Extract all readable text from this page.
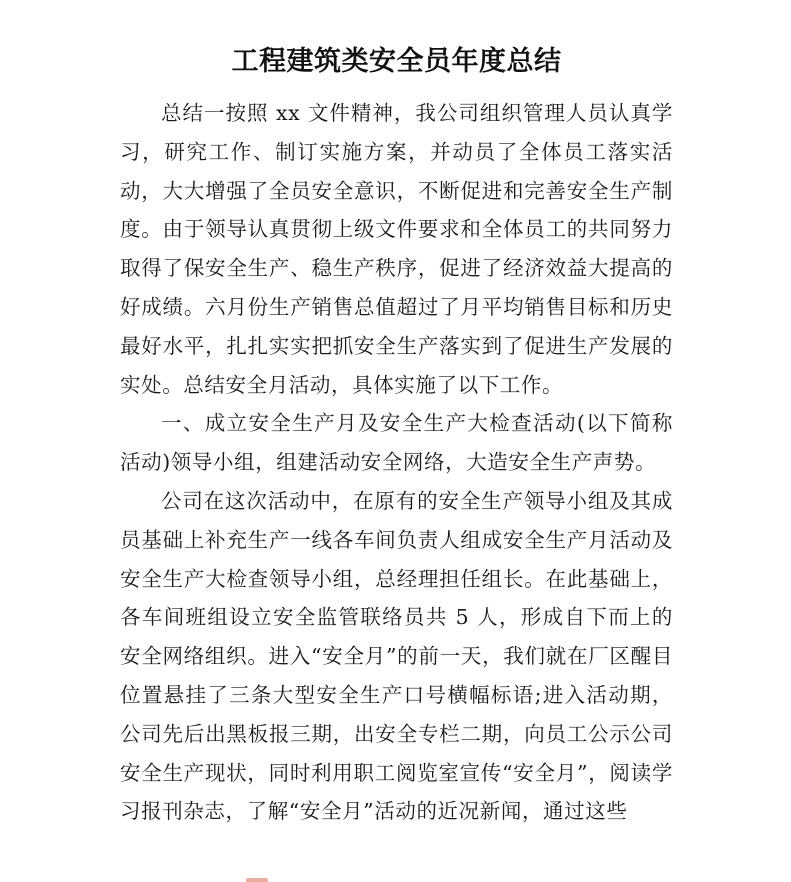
工程建筑类安全员年度总结

总结一按照 xx 文件精神，我公司组织管理人员认真学习，研究工作、制订实施方案，并动员了全体员工落实活动，大大增强了全员安全意识，不断促进和完善安全生产制度。由于领导认真贯彻上级文件要求和全体员工的共同努力取得了保安全生产、稳生产秩序，促进了经济效益大提高的好成绩。六月份生产销售总值超过了月平均销售目标和历史最好水平，扎扎实实把抓安全生产落实到了促进生产发展的实处。总结安全月活动，具体实施了以下工作。

一、成立安全生产月及安全生产大检查活动(以下简称活动)领导小组，组建活动安全网络，大造安全生产声势。

公司在这次活动中，在原有的安全生产领导小组及其成员基础上补充生产一线各车间负责人组成安全生产月活动及安全生产大检查领导小组，总经理担任组长。在此基础上，各车间班组设立安全监管联络员共 5 人，形成自下而上的安全网络组织。进入“安全月”的前一天，我们就在厂区醒目位置悬挂了三条大型安全生产口号横幅标语;进入活动期，公司先后出黑板报三期，出安全专栏二期，向员工公示公司安全生产现状，同时利用职工阅览室宣传“安全月”，阅读学习报刊杂志，了解“安全月”活动的近况新闻，通过这些
